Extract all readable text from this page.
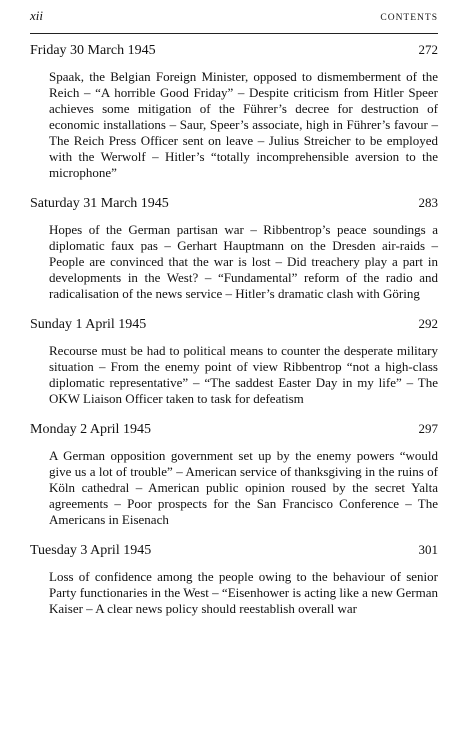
xii	CONTENTS
Friday 30 March 1945	272
Spaak, the Belgian Foreign Minister, opposed to dismemberment of the Reich – “A horrible Good Friday” – Despite criticism from Hitler Speer achieves some mitigation of the Führer’s decree for destruction of economic installations – Saur, Speer’s associate, high in Führer’s favour – The Reich Press Officer sent on leave – Julius Streicher to be employed with the Werwolf – Hitler’s “totally incomprehensible aversion to the microphone”
Saturday 31 March 1945	283
Hopes of the German partisan war – Ribbentrop’s peace soundings a diplomatic faux pas – Gerhart Hauptmann on the Dresden air-raids – People are convinced that the war is lost – Did treachery play a part in developments in the West? – “Fundamental” reform of the radio and radicalisation of the news service – Hitler’s dramatic clash with Göring
Sunday 1 April 1945	292
Recourse must be had to political means to counter the desperate military situation – From the enemy point of view Ribbentrop “not a high-class diplomatic representative” – “The saddest Easter Day in my life” – The OKW Liaison Officer taken to task for defeatism
Monday 2 April 1945	297
A German opposition government set up by the enemy powers “would give us a lot of trouble” – American service of thanksgiving in the ruins of Köln cathedral – American public opinion roused by the secret Yalta agreements – Poor prospects for the San Francisco Conference – The Americans in Eisenach
Tuesday 3 April 1945	301
Loss of confidence among the people owing to the behaviour of senior Party functionaries in the West – “Eisenhower is acting like a new German Kaiser – A clear news policy should reestablish overall war
